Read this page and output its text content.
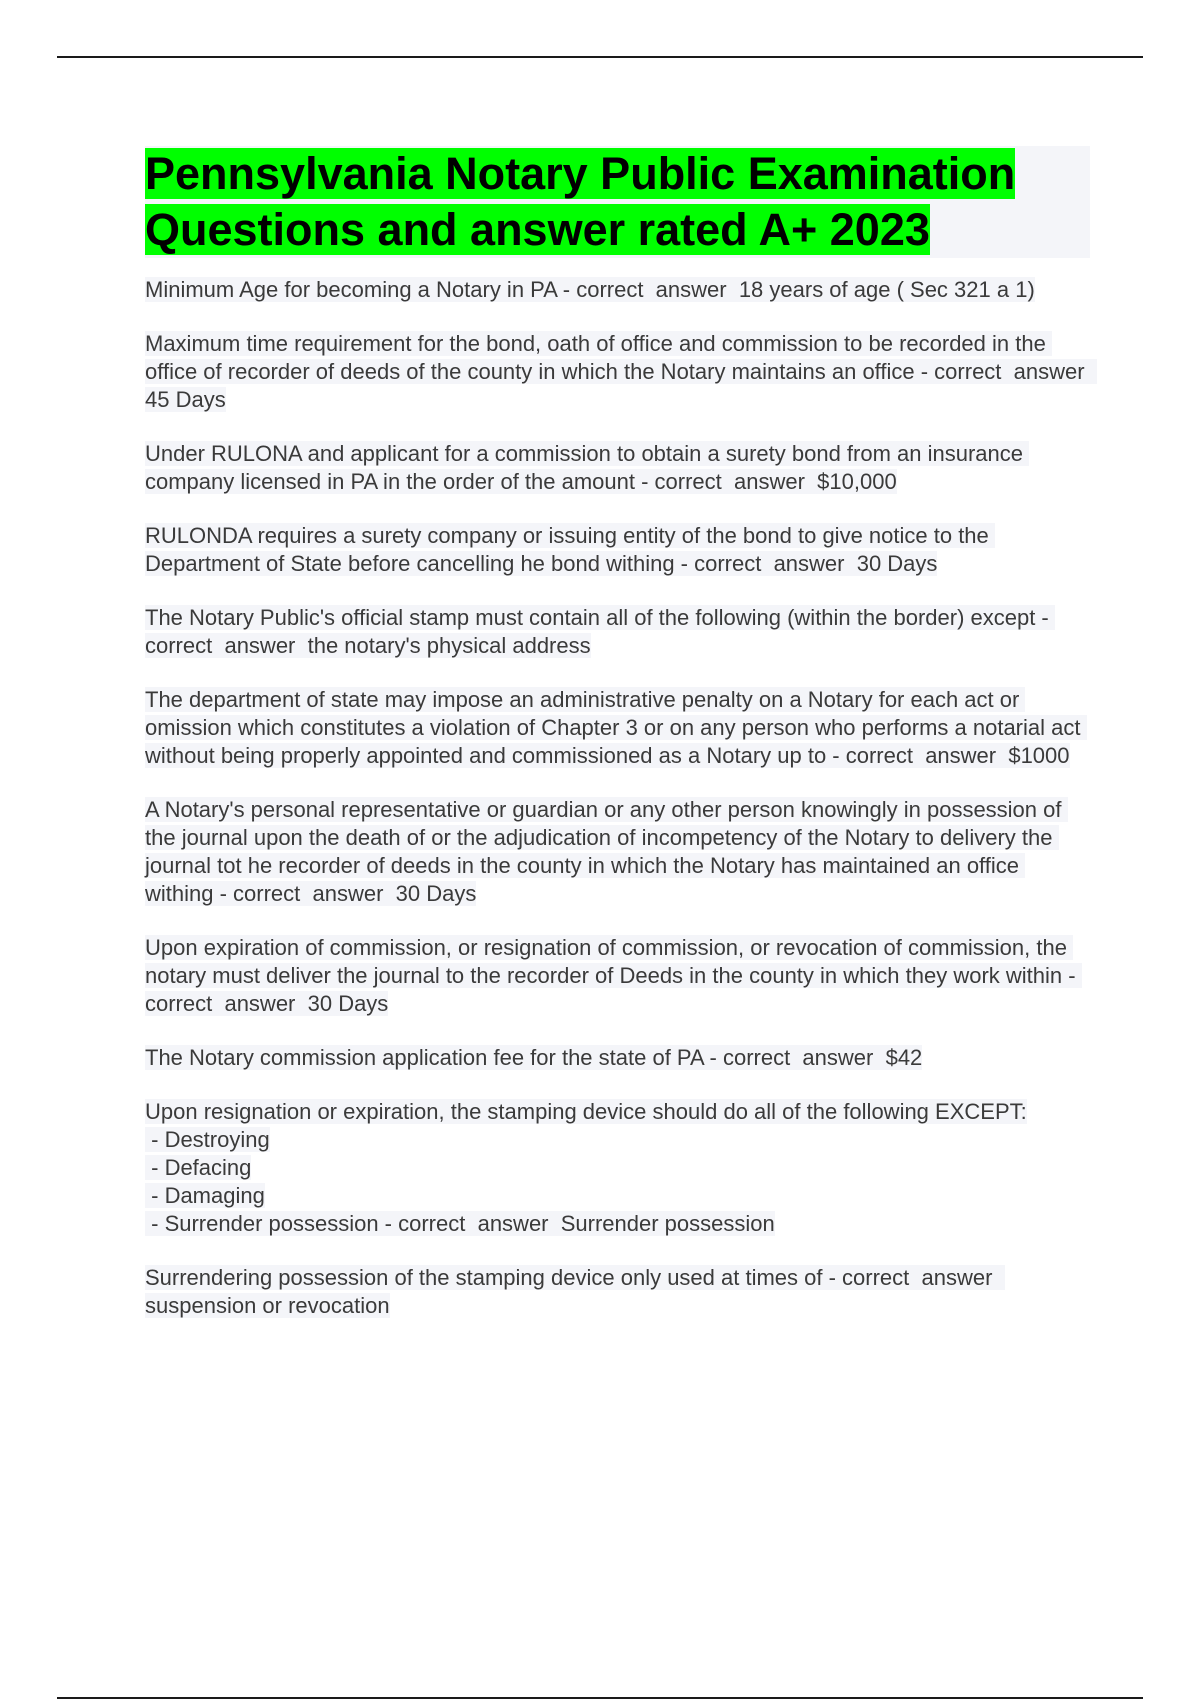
Pennsylvania Notary Public Examination
Questions and answer rated A+ 2023
Minimum Age for becoming a Notary in PA - correct  answer  18 years of age ( Sec 321 a 1)
Maximum time requirement for the bond, oath of office and commission to be recorded in the office of recorder of deeds of the county in which the Notary maintains an office - correct  answer  45 Days
Under RULONA and applicant for a commission to obtain a surety bond from an insurance company licensed in PA in the order of the amount - correct  answer  $10,000
RULONDA requires a surety company or issuing entity of the bond to give notice to the Department of State before cancelling he bond withing - correct  answer  30 Days
The Notary Public's official stamp must contain all of the following (within the border) except - correct  answer  the notary's physical address
The department of state may impose an administrative penalty on a Notary for each act or omission which constitutes a violation of Chapter 3 or on any person who performs a notarial act without being properly appointed and commissioned as a Notary up to - correct  answer  $1000
A Notary's personal representative or guardian or any other person knowingly in possession of the journal upon the death of or the adjudication of incompetency of the Notary to delivery the journal tot he recorder of deeds in the county in which the Notary has maintained an office withing - correct  answer  30 Days
Upon expiration of commission, or resignation of commission, or revocation of commission, the notary must deliver the journal to the recorder of Deeds in the county in which they work within - correct  answer  30 Days
The Notary commission application fee for the state of PA - correct  answer  $42
Upon resignation or expiration, the stamping device should do all of the following EXCEPT:
- Destroying
- Defacing
- Damaging
- Surrender possession - correct  answer  Surrender possession
Surrendering possession of the stamping device only used at times of - correct  answer  suspension or revocation
